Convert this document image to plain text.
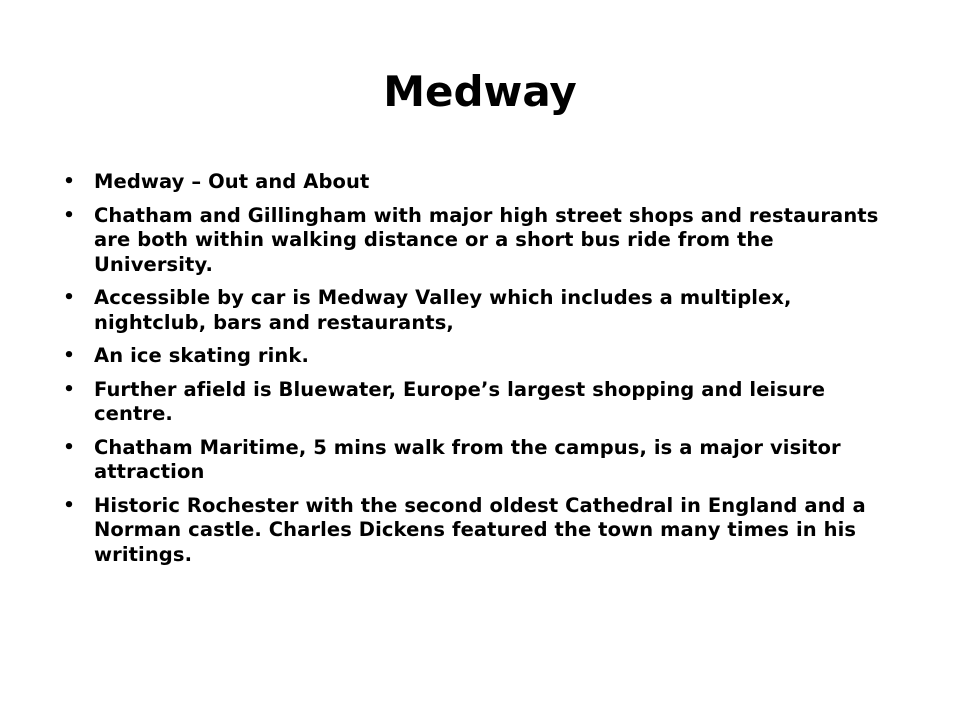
Medway
• Medway – Out and About
• Chatham and Gillingham with major high street shops and restaurants are both within walking distance or a short bus ride from the University.
• Accessible by car is Medway Valley which includes a multiplex, nightclub, bars and restaurants,
• An ice skating rink.
• Further afield is Bluewater, Europe’s largest shopping and leisure centre.
• Chatham Maritime, 5 mins walk from the campus, is a major visitor attraction
• Historic Rochester with the second oldest Cathedral in England and a Norman castle. Charles Dickens featured the town many times in his writings.
